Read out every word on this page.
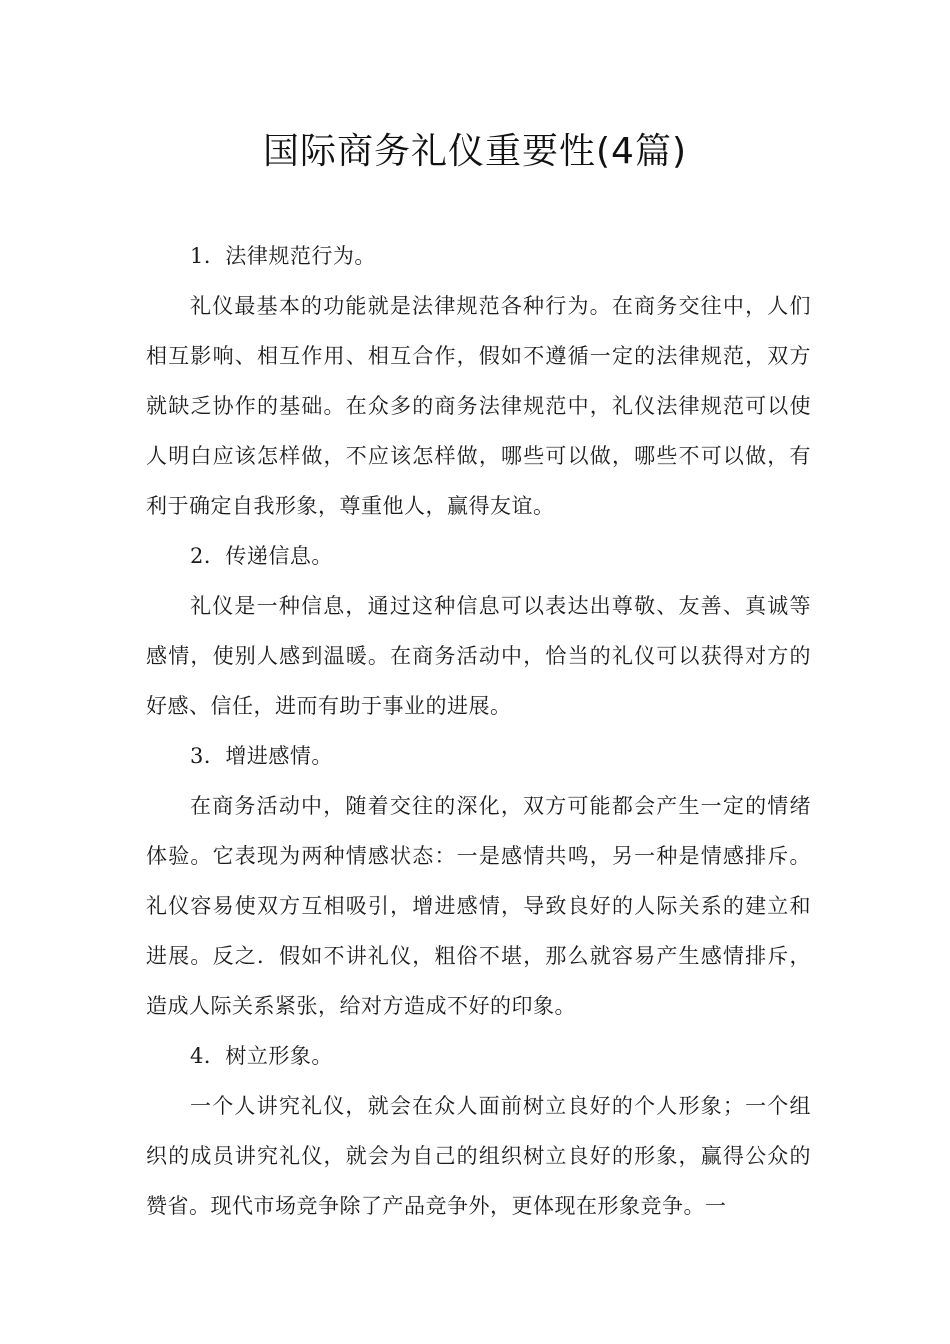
国际商务礼仪重要性(4篇)

1．法律规范行为。

礼仪最基本的功能就是法律规范各种行为。在商务交往中，人们相互影响、相互作用、相互合作，假如不遵循一定的法律规范，双方就缺乏协作的基础。在众多的商务法律规范中，礼仪法律规范可以使人明白应该怎样做，不应该怎样做，哪些可以做，哪些不可以做，有利于确定自我形象，尊重他人，赢得友谊。

2．传递信息。

礼仪是一种信息，通过这种信息可以表达出尊敬、友善、真诚等感情，使别人感到温暖。在商务活动中，恰当的礼仪可以获得对方的好感、信任，进而有助于事业的进展。

3．增进感情。

在商务活动中，随着交往的深化，双方可能都会产生一定的情绪体验。它表现为两种情感状态：一是感情共鸣，另一种是情感排斥。礼仪容易使双方互相吸引，增进感情，导致良好的人际关系的建立和进展。反之．假如不讲礼仪，粗俗不堪，那么就容易产生感情排斥，造成人际关系紧张，给对方造成不好的印象。

4．树立形象。

一个人讲究礼仪，就会在众人面前树立良好的个人形象；一个组织的成员讲究礼仪，就会为自己的组织树立良好的形象，赢得公众的赞省。现代市场竞争除了产品竞争外，更体现在形象竞争。一
